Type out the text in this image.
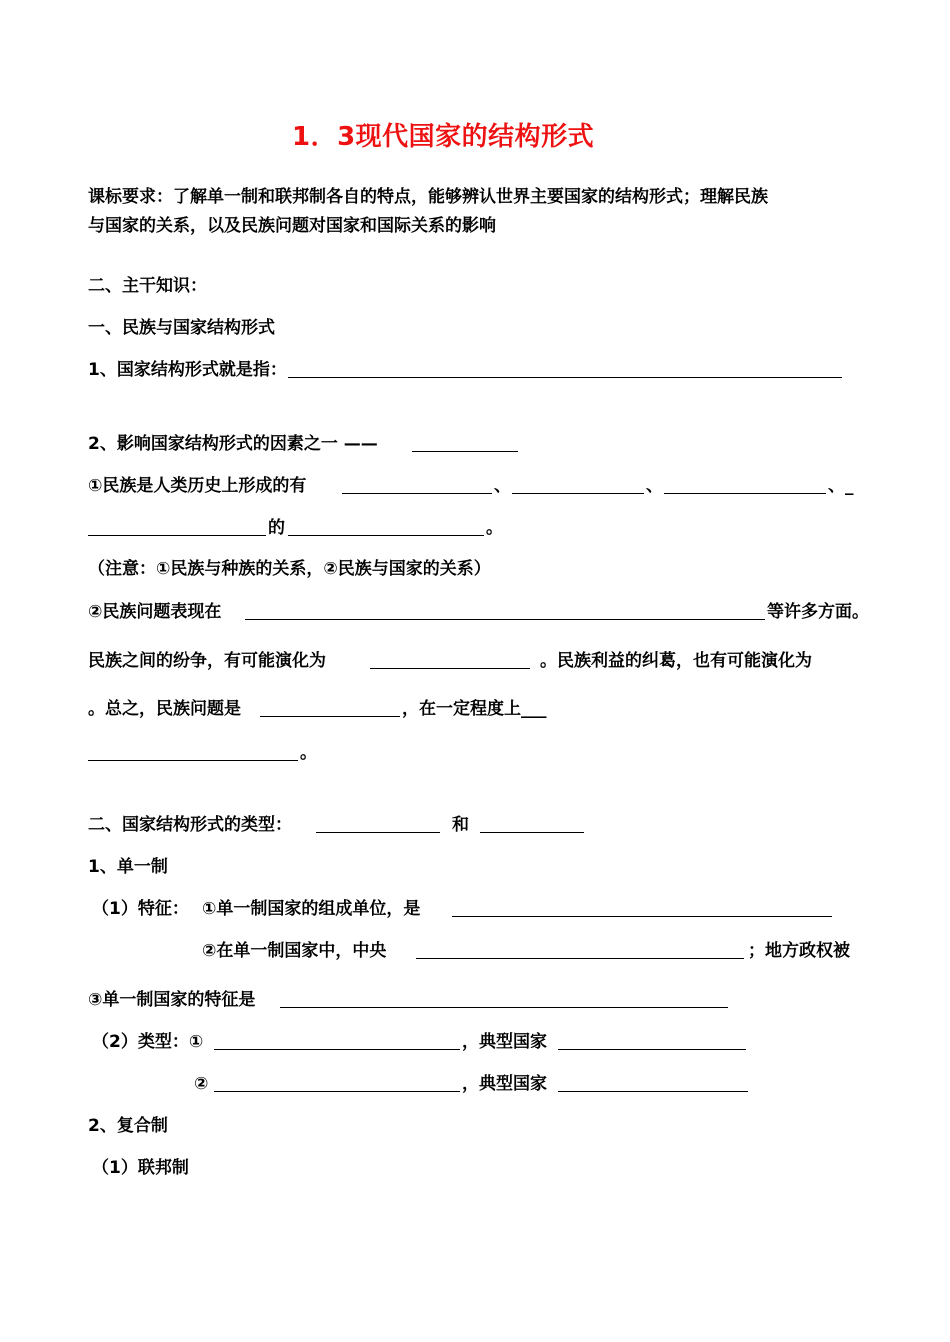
1．3现代国家的结构形式
课标要求：了解单一制和联邦制各自的特点，能够辨认世界主要国家的结构形式；理解民族
与国家的关系，以及民族问题对国家和国际关系的影响
二、主干知识：
一、民族与国家结构形式
1、国家结构形式就是指：
2、影响国家结构形式的因素之一 ——
①民族是人类历史上形成的有	、	、	、_
的	。
（注意：①民族与种族的关系，②民族与国家的关系）
②民族问题表现在	等许多方面。
民族之间的纷争，有可能演化为	。民族利益的纠葛，也有可能演化为
。总之，民族问题是	，在一定程度上___
。
二、国家结构形式的类型：	和
1、单一制
（1）特征： ①单一制国家的组成单位，是
②在单一制国家中，中央	；地方政权被
③单一制国家的特征是
（2）类型：①	，典型国家
②	，典型国家
2、复合制
（1）联邦制
